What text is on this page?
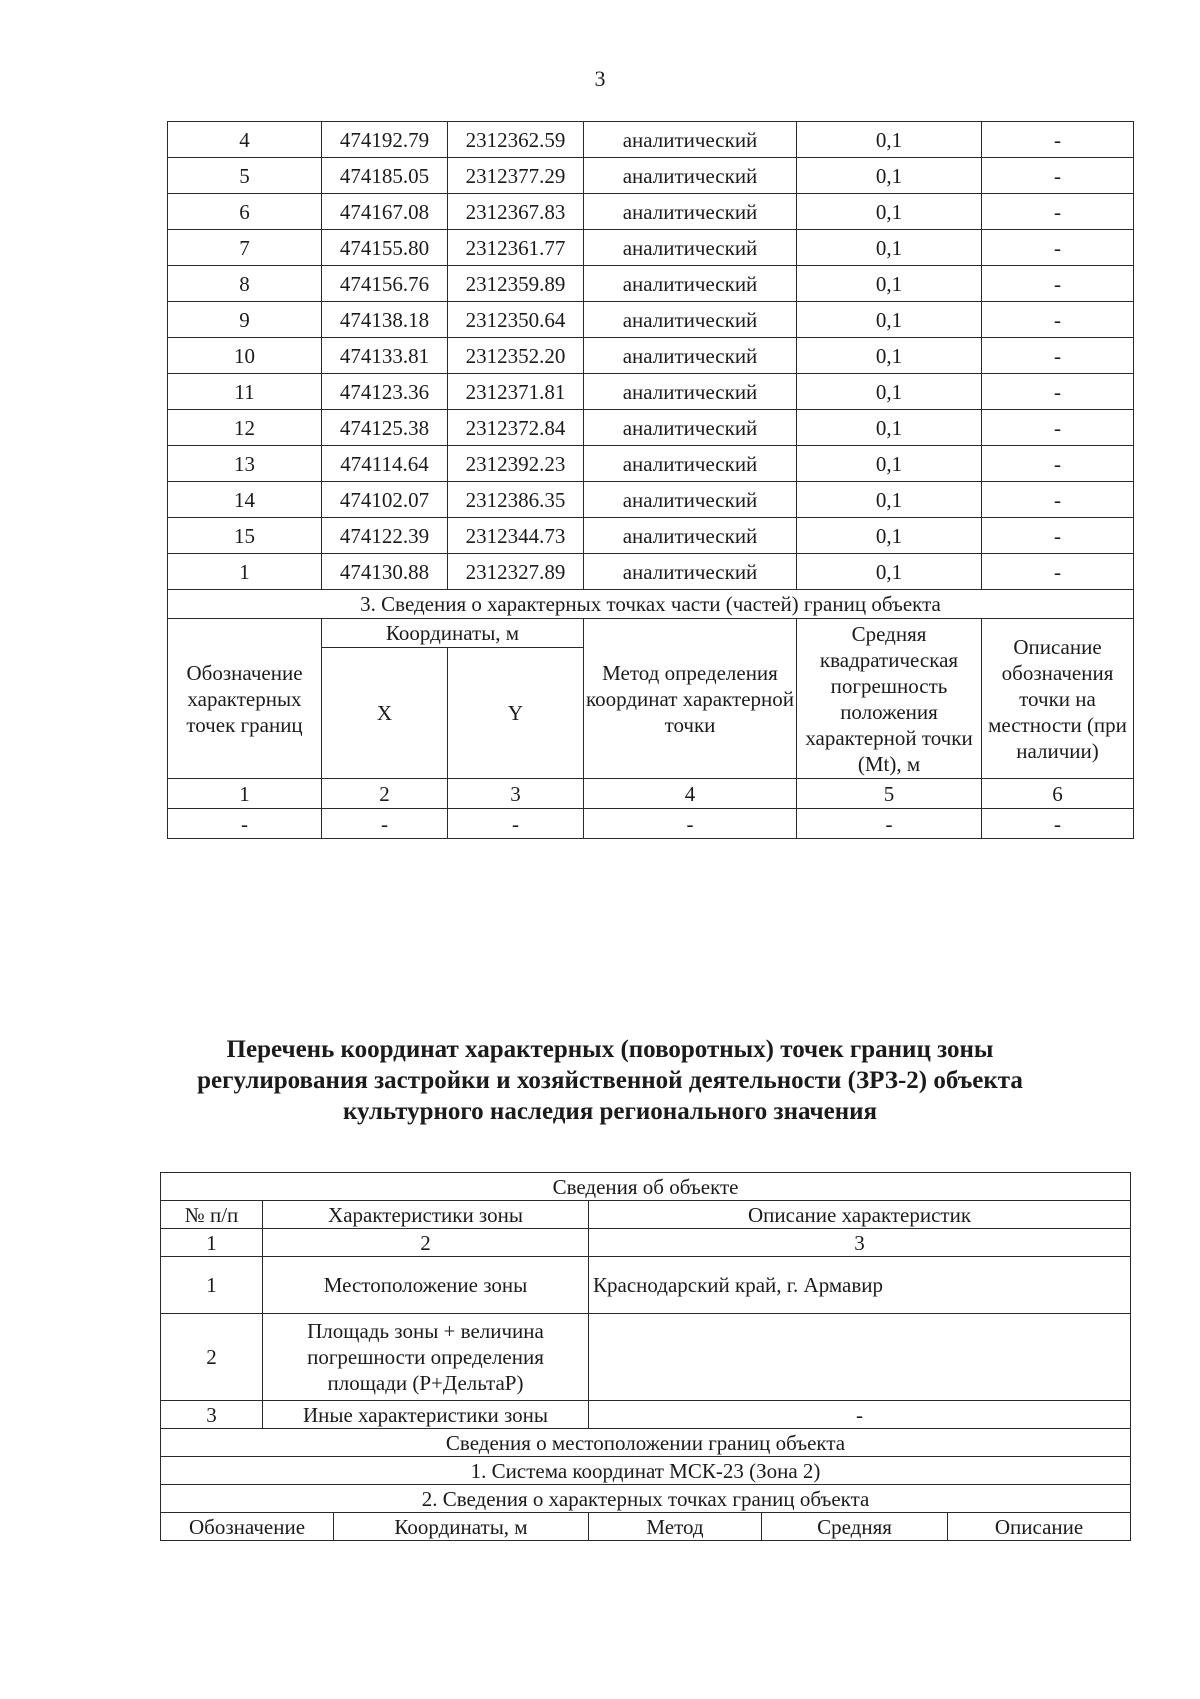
3
4	474192.79	2312362.59	аналитический	0,1	-
5	474185.05	2312377.29	аналитический	0,1	-
6	474167.08	2312367.83	аналитический	0,1	-
7	474155.80	2312361.77	аналитический	0,1	-
8	474156.76	2312359.89	аналитический	0,1	-
9	474138.18	2312350.64	аналитический	0,1	-
10	474133.81	2312352.20	аналитический	0,1	-
11	474123.36	2312371.81	аналитический	0,1	-
12	474125.38	2312372.84	аналитический	0,1	-
13	474114.64	2312392.23	аналитический	0,1	-
14	474102.07	2312386.35	аналитический	0,1	-
15	474122.39	2312344.73	аналитический	0,1	-
1	474130.88	2312327.89	аналитический	0,1	-
3. Сведения о характерных точках части (частей) границ объекта					
Обозначение характерных точек границ	Координаты, м		Метод определения координат характерной точки	Средняя квадратическая погрешность положения характерной точки (Mt), м	Описание обозначения точки на местности (при наличии)
	X	Y			
1	2	3	4	5	6
-	-	-	-	-	-
Перечень координат характерных (поворотных) точек границ зоны регулирования застройки и хозяйственной деятельности (ЗРЗ-2) объекта культурного наследия регионального значения
Сведения об объекте					
№ п/п	Характеристики зоны		Описание характеристик		
1	2		3		
1	Местоположение зоны		Краснодарский край, г. Армавир		
2	Площадь зоны + величина погрешности определения площади (P+ДельтаP)				
3	Иные характеристики зоны		-		
Сведения о местоположении границ объекта					
1. Система координат МСК-23 (Зона 2)					
2. Сведения о характерных точках границ объекта					
Обозначение		Координаты, м	Метод	Средняя	Описание
